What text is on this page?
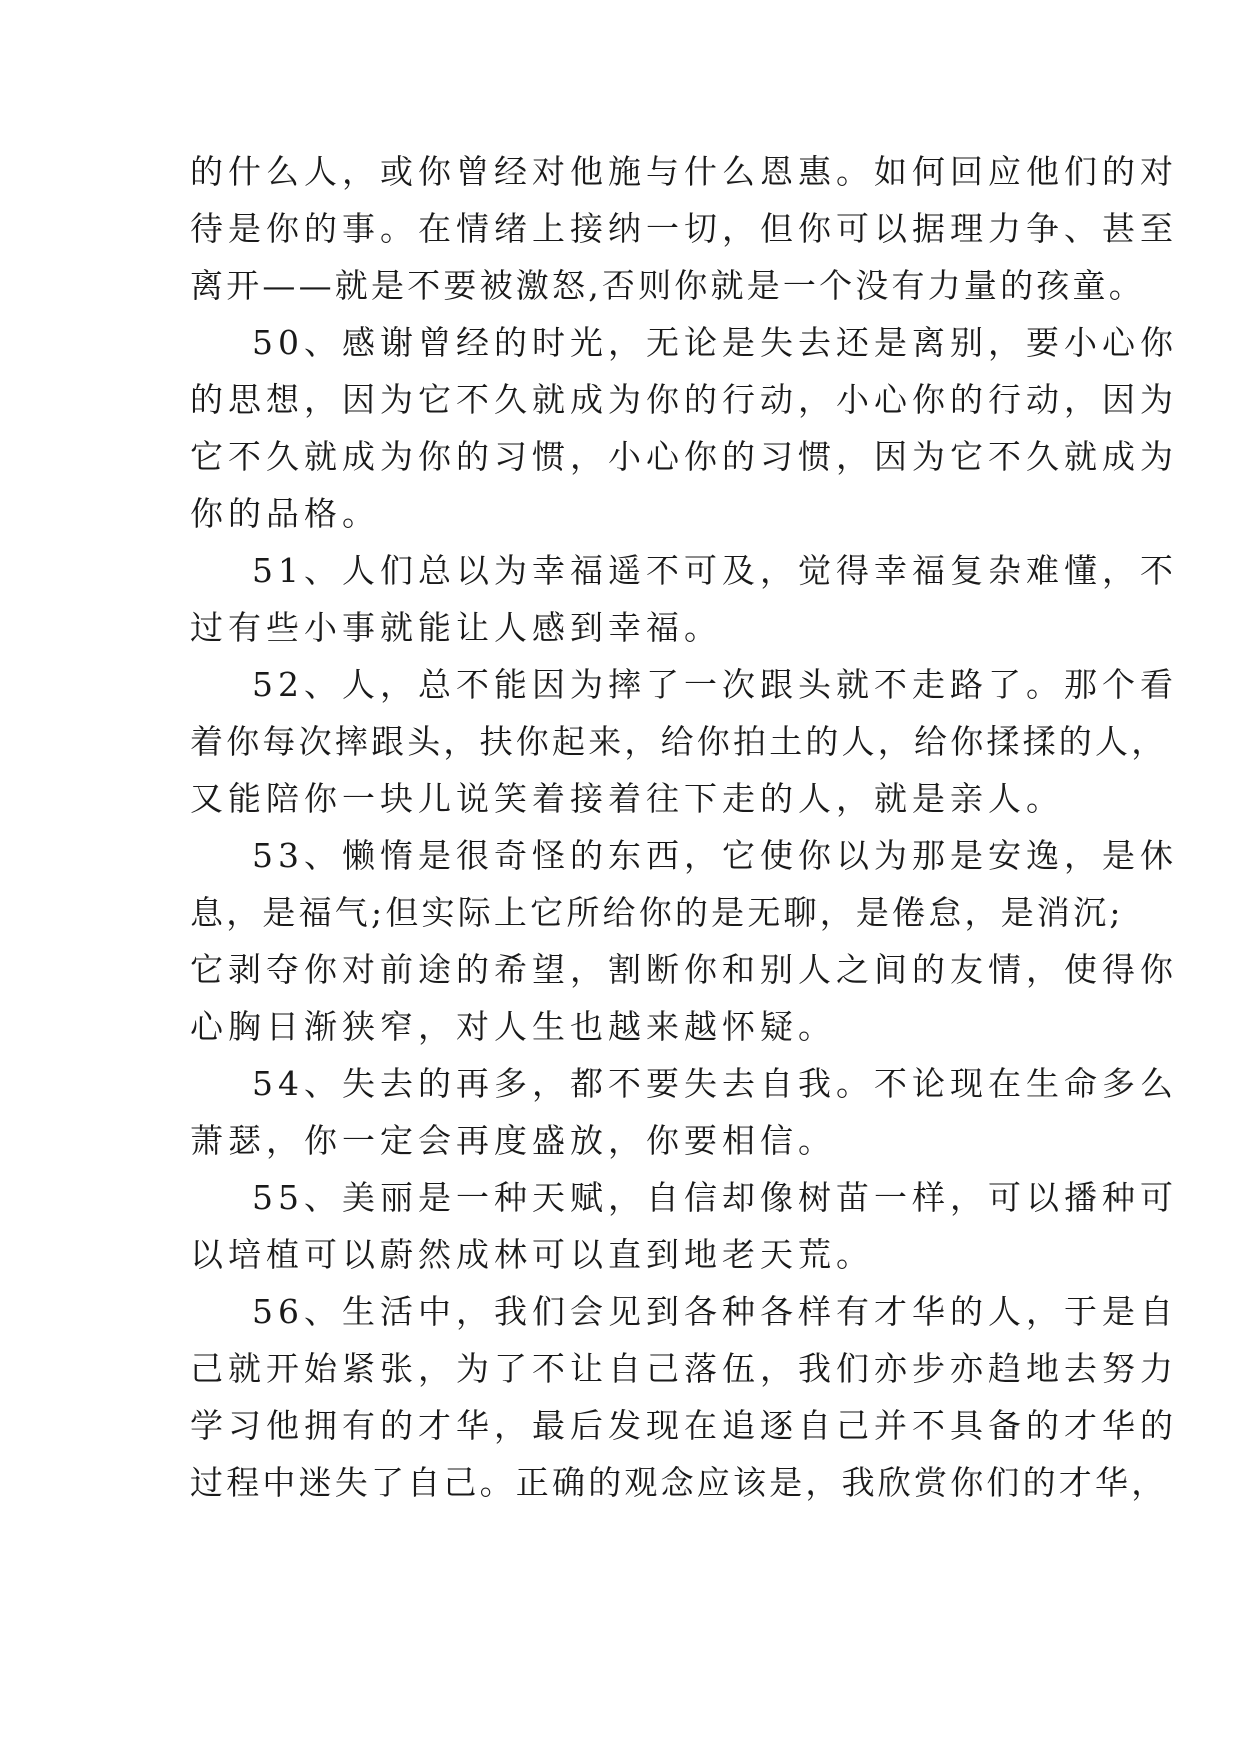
的什么人，或你曾经对他施与什么恩惠。如何回应他们的对
待是你的事。在情绪上接纳一切，但你可以据理力争、甚至
离开——就是不要被激怒,否则你就是一个没有力量的孩童。
50、感谢曾经的时光，无论是失去还是离别，要小心你
的思想，因为它不久就成为你的行动，小心你的行动，因为
它不久就成为你的习惯，小心你的习惯，因为它不久就成为
你的品格。
51、人们总以为幸福遥不可及，觉得幸福复杂难懂，不
过有些小事就能让人感到幸福。
52、人，总不能因为摔了一次跟头就不走路了。那个看
着你每次摔跟头，扶你起来，给你拍土的人，给你揉揉的人，
又能陪你一块儿说笑着接着往下走的人，就是亲人。
53、懒惰是很奇怪的东西，它使你以为那是安逸，是休
息，是福气;但实际上它所给你的是无聊，是倦怠，是消沉;
它剥夺你对前途的希望，割断你和别人之间的友情，使得你
心胸日渐狭窄，对人生也越来越怀疑。
54、失去的再多，都不要失去自我。不论现在生命多么
萧瑟，你一定会再度盛放，你要相信。
55、美丽是一种天赋，自信却像树苗一样，可以播种可
以培植可以蔚然成林可以直到地老天荒。
56、生活中，我们会见到各种各样有才华的人，于是自
己就开始紧张，为了不让自己落伍，我们亦步亦趋地去努力
学习他拥有的才华，最后发现在追逐自己并不具备的才华的
过程中迷失了自己。正确的观念应该是，我欣赏你们的才华，
